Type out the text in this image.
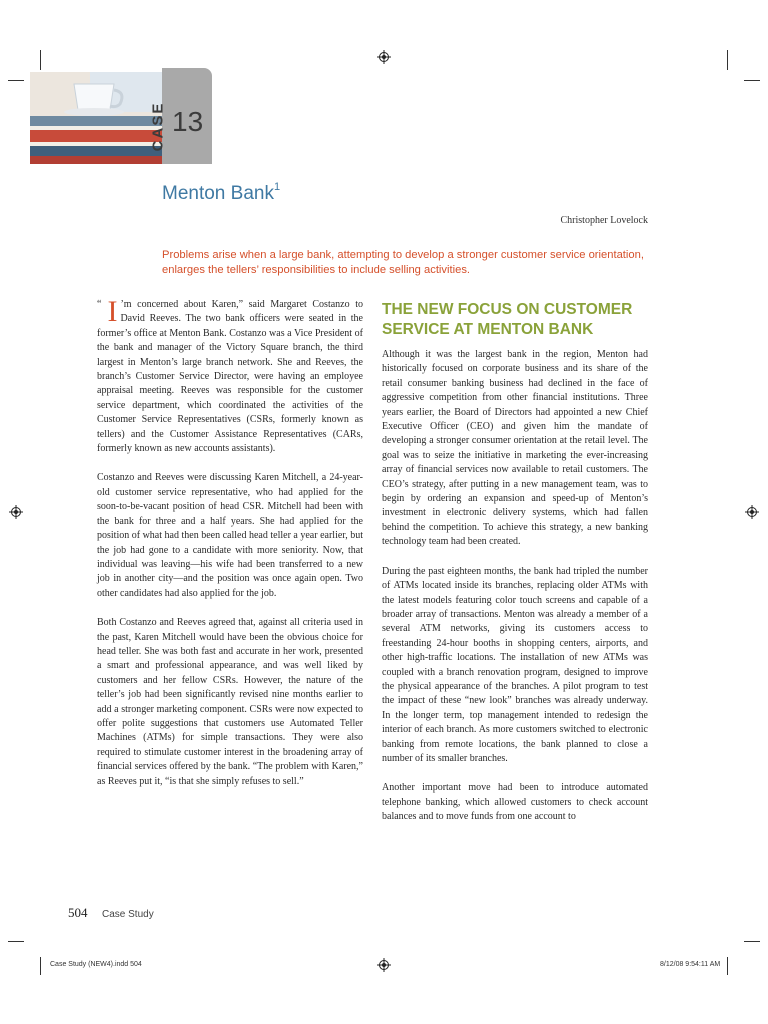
CASE 13
Menton Bank$^1$
Christopher Lovelock
Problems arise when a large bank, attempting to develop a stronger customer service orientation, enlarges the tellers’ responsibilities to include selling activities.

“ I ’m concerned about Karen,” said Margaret Costanzo to David Reeves. The two bank officers were seated in the former’s office at Menton Bank. Costanzo was a Vice President of the bank and manager of the Victory Square branch, the third largest in Menton’s large branch network. She and Reeves, the branch’s Customer Service Director, were having an employee appraisal meeting. Reeves was responsible for the customer service department, which coordinated the activities of the Customer Service Representatives (CSRs, formerly known as tellers) and the Customer Assistance Representatives (CARs, formerly known as new accounts assistants).

Costanzo and Reeves were discussing Karen Mitchell, a 24-year-old customer service representative, who had applied for the soon-to-be-vacant position of head CSR. Mitchell had been with the bank for three and a half years. She had applied for the position of what had then been called head teller a year earlier, but the job had gone to a candidate with more seniority. Now, that individual was leaving—his wife had been transferred to a new job in another city—and the position was once again open. Two other candidates had also applied for the job.

Both Costanzo and Reeves agreed that, against all criteria used in the past, Karen Mitchell would have been the obvious choice for head teller. She was both fast and accurate in her work, presented a smart and professional appearance, and was well liked by customers and her fellow CSRs. However, the nature of the teller’s job had been significantly revised nine months earlier to add a stronger marketing component. CSRs were now expected to offer polite suggestions that customers use Automated Teller Machines (ATMs) for simple transactions. They were also required to stimulate customer interest in the broadening array of financial services offered by the bank. “The problem with Karen,” as Reeves put it, “is that she simply refuses to sell.”

THE NEW FOCUS ON CUSTOMER SERVICE AT MENTON BANK

Although it was the largest bank in the region, Menton had historically focused on corporate business and its share of the retail consumer banking business had declined in the face of aggressive competition from other financial institutions. Three years earlier, the Board of Directors had appointed a new Chief Executive Officer (CEO) and given him the mandate of developing a stronger consumer orientation at the retail level. The goal was to seize the initiative in marketing the ever-increasing array of financial services now available to retail customers. The CEO’s strategy, after putting in a new management team, was to begin by ordering an expansion and speed-up of Menton’s investment in electronic delivery systems, which had fallen behind the competition. To achieve this strategy, a new banking technology team had been created.

During the past eighteen months, the bank had tripled the number of ATMs located inside its branches, replacing older ATMs with the latest models featuring color touch screens and capable of a broader array of transactions. Menton was already a member of a several ATM networks, giving its customers access to freestanding 24-hour booths in shopping centers, airports, and other high-traffic locations. The installation of new ATMs was coupled with a branch renovation program, designed to improve the physical appearance of the branches. A pilot program to test the impact of these “new look” branches was already underway. In the longer term, top management intended to redesign the interior of each branch. As more customers switched to electronic banking from remote locations, the bank planned to close a number of its smaller branches.

Another important move had been to introduce automated telephone banking, which allowed customers to check account balances and to move funds from one account to

504 Case Study
Case Study (NEW4).indd 504	8/12/08 9:54:11 AM
